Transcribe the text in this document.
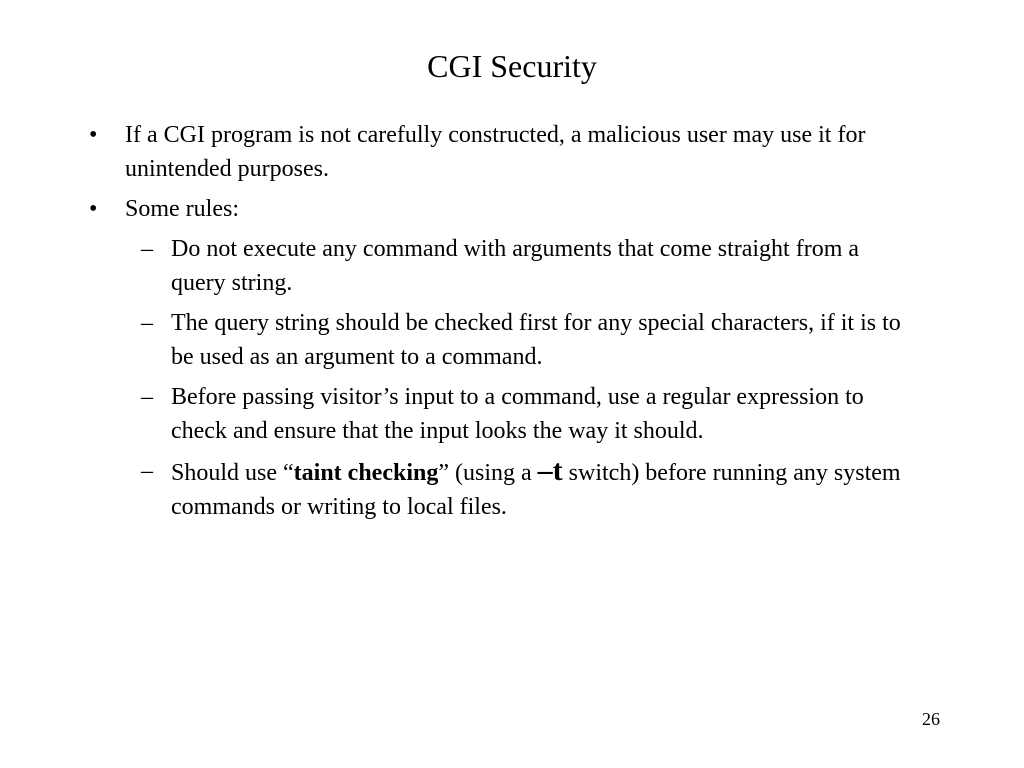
CGI Security
• If a CGI program is not carefully constructed, a malicious user may use it for unintended purposes.
• Some rules:
– Do not execute any command with arguments that come straight from a query string.
– The query string should be checked first for any special characters, if it is to be used as an argument to a command.
– Before passing visitor’s input to a command, use a regular expression to check and ensure that the input looks the way it should.
– Should use “taint checking” (using a –t switch) before running any system commands or writing to local files.
26
